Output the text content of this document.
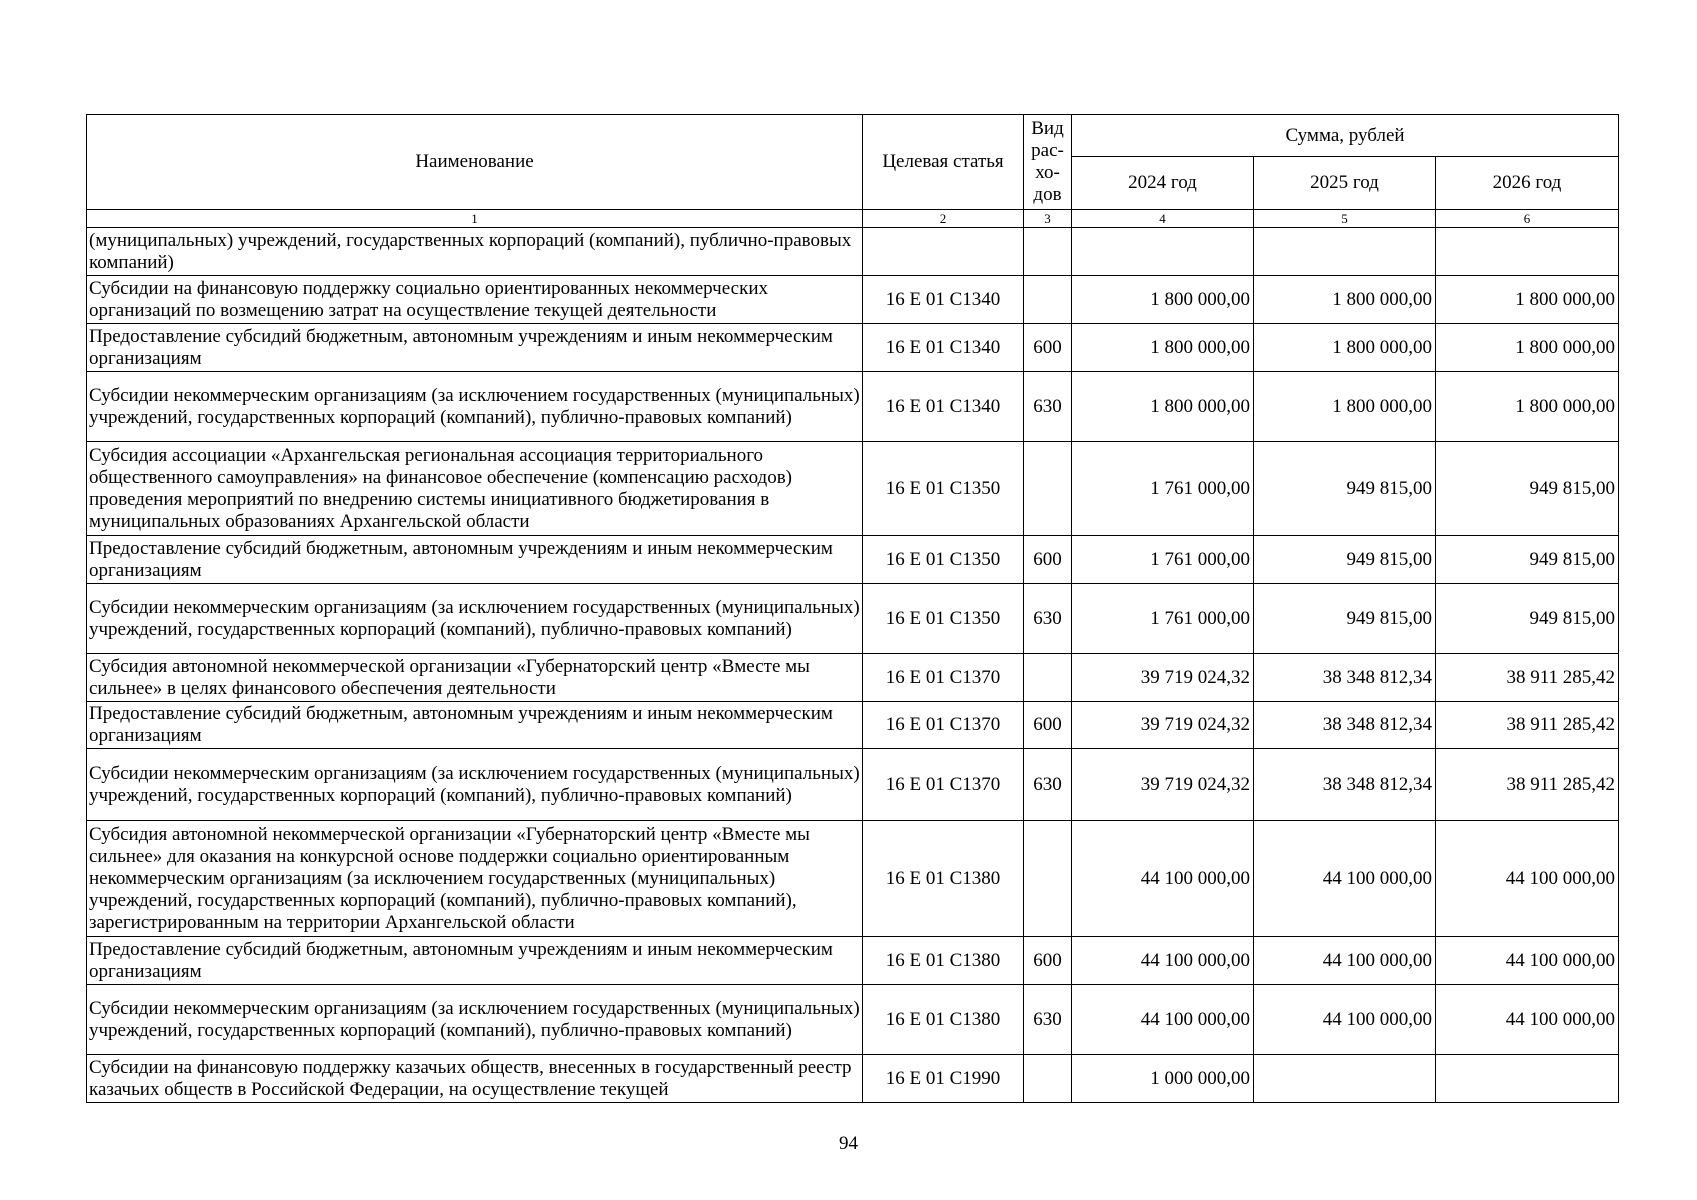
Наименование	Целевая статья	Вид рас-хо-дов	Сумма, рублей		
			2024 год	2025 год	2026 год
1	2	3	4	5	6
(муниципальных) учреждений, государственных корпораций (компаний), публично-правовых компаний)					
Субсидии на финансовую поддержку социально ориентированных некоммерческих организаций по возмещению затрат на осуществление текущей деятельности	16 Е 01 С1340		1 800 000,00	1 800 000,00	1 800 000,00
Предоставление субсидий бюджетным, автономным учреждениям и иным некоммерческим организациям	16 Е 01 С1340	600	1 800 000,00	1 800 000,00	1 800 000,00
Субсидии некоммерческим организациям (за исключением государственных (муниципальных) учреждений, государственных корпораций (компаний), публично-правовых компаний)	16 Е 01 С1340	630	1 800 000,00	1 800 000,00	1 800 000,00
Субсидия ассоциации «Архангельская региональная ассоциация территориального общественного самоуправления» на финансовое обеспечение (компенсацию расходов) проведения мероприятий по внедрению системы инициативного бюджетирования в муниципальных образованиях Архангельской области	16 Е 01 С1350		1 761 000,00	949 815,00	949 815,00
Предоставление субсидий бюджетным, автономным учреждениям и иным некоммерческим организациям	16 Е 01 С1350	600	1 761 000,00	949 815,00	949 815,00
Субсидии некоммерческим организациям (за исключением государственных (муниципальных) учреждений, государственных корпораций (компаний), публично-правовых компаний)	16 Е 01 С1350	630	1 761 000,00	949 815,00	949 815,00
Субсидия автономной некоммерческой организации «Губернаторский центр «Вместе мы сильнее» в целях финансового обеспечения деятельности	16 Е 01 С1370		39 719 024,32	38 348 812,34	38 911 285,42
Предоставление субсидий бюджетным, автономным учреждениям и иным некоммерческим организациям	16 Е 01 С1370	600	39 719 024,32	38 348 812,34	38 911 285,42
Субсидии некоммерческим организациям (за исключением государственных (муниципальных) учреждений, государственных корпораций (компаний), публично-правовых компаний)	16 Е 01 С1370	630	39 719 024,32	38 348 812,34	38 911 285,42
Субсидия автономной некоммерческой организации «Губернаторский центр «Вместе мы сильнее» для оказания на конкурсной основе поддержки социально ориентированным некоммерческим организациям (за исключением государственных (муниципальных) учреждений, государственных корпораций (компаний), публично-правовых компаний), зарегистрированным на территории Архангельской области	16 Е 01 С1380		44 100 000,00	44 100 000,00	44 100 000,00
Предоставление субсидий бюджетным, автономным учреждениям и иным некоммерческим организациям	16 Е 01 С1380	600	44 100 000,00	44 100 000,00	44 100 000,00
Субсидии некоммерческим организациям (за исключением государственных (муниципальных) учреждений, государственных корпораций (компаний), публично-правовых компаний)	16 Е 01 С1380	630	44 100 000,00	44 100 000,00	44 100 000,00
Субсидии на финансовую поддержку казачьих обществ, внесенных в государственный реестр казачьих обществ в Российской Федерации, на осуществление текущей	16 Е 01 С1990		1 000 000,00		
94
